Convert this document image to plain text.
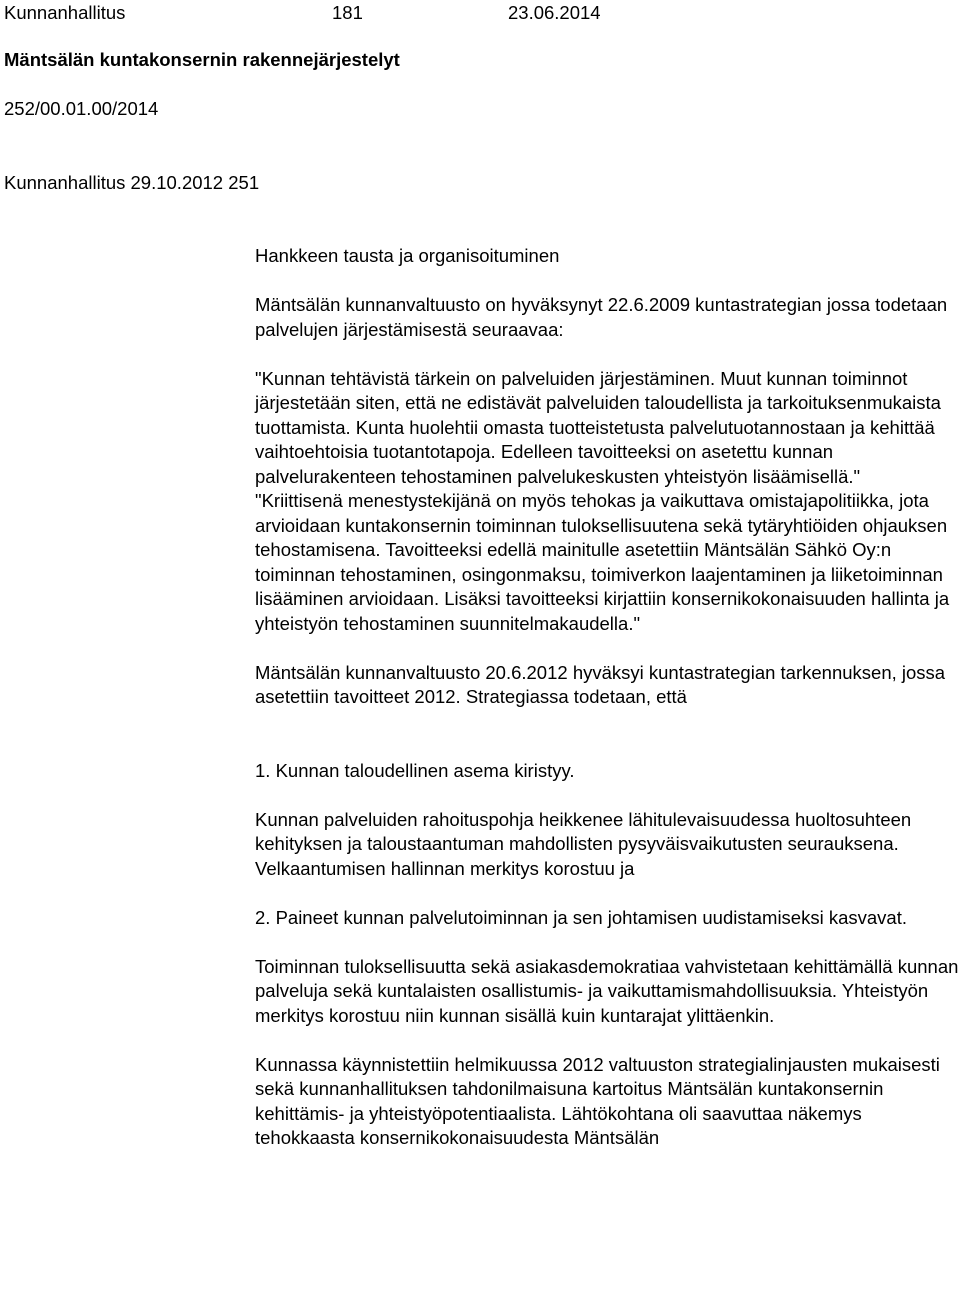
Kunnanhallitus	181	23.06.2014
Mäntsälän kuntakonsernin rakennejärjestelyt
252/00.01.00/2014
Kunnanhallitus 29.10.2012 251

Hankkeen tausta ja organisoituminen

Mäntsälän kunnanvaltuusto on hyväksynyt 22.6.2009 kuntastrategian jossa todetaan palvelujen järjestämisestä seuraavaa:

"Kunnan tehtävistä tärkein on palveluiden järjestäminen. Muut kunnan toiminnot järjestetään siten, että ne edistävät palveluiden taloudellista ja tarkoituksenmukaista tuottamista. Kunta huolehtii omasta tuotteistetusta palvelutuotannostaan ja kehittää vaihtoehtoisia tuotantotapoja. Edelleen tavoitteeksi on asetettu kunnan palvelurakenteen tehostaminen palvelukeskusten yhteistyön lisäämisellä."

"Kriittisenä menestystekijänä on myös tehokas ja vaikuttava omistajapolitiikka, jota arvioidaan kuntakonsernin toiminnan tuloksellisuutena sekä tytäryhtiöiden ohjauksen tehostamisena. Tavoitteeksi edellä mainitulle asetettiin Mäntsälän Sähkö Oy:n toiminnan tehostaminen, osingonmaksu, toimiverkon laajentaminen ja liiketoiminnan lisääminen arvioidaan. Lisäksi tavoitteeksi kirjattiin konsernikokonaisuuden hallinta ja yhteistyön tehostaminen suunnitelmakaudella."

Mäntsälän kunnanvaltuusto 20.6.2012 hyväksyi kuntastrategian tarkennuksen, jossa asetettiin tavoitteet 2012. Strategiassa todetaan, että

1. Kunnan taloudellinen asema kiristyy.

Kunnan palveluiden rahoituspohja heikkenee lähitulevaisuudessa huoltosuhteen kehityksen ja taloustaantuman mahdollisten pysyväisvaikutusten seurauksena. Velkaantumisen hallinnan merkitys korostuu ja

2. Paineet kunnan palvelutoiminnan ja sen johtamisen uudistamiseksi kasvavat.

Toiminnan tuloksellisuutta sekä asiakasdemokratiaa vahvistetaan kehittämällä kunnan palveluja sekä kuntalaisten osallistumis- ja vaikuttamismahdollisuuksia. Yhteistyön merkitys korostuu niin kunnan sisällä kuin kuntarajat ylittäenkin.

Kunnassa käynnistettiin helmikuussa 2012 valtuuston strategialinjausten mukaisesti sekä kunnanhallituksen tahdonilmaisuna kartoitus Mäntsälän kuntakonsernin kehittämis- ja yhteistyöpotentiaalista. Lähtökohtana oli saavuttaa näkemys tehokkaasta konsernikokonaisuudesta Mäntsälän
